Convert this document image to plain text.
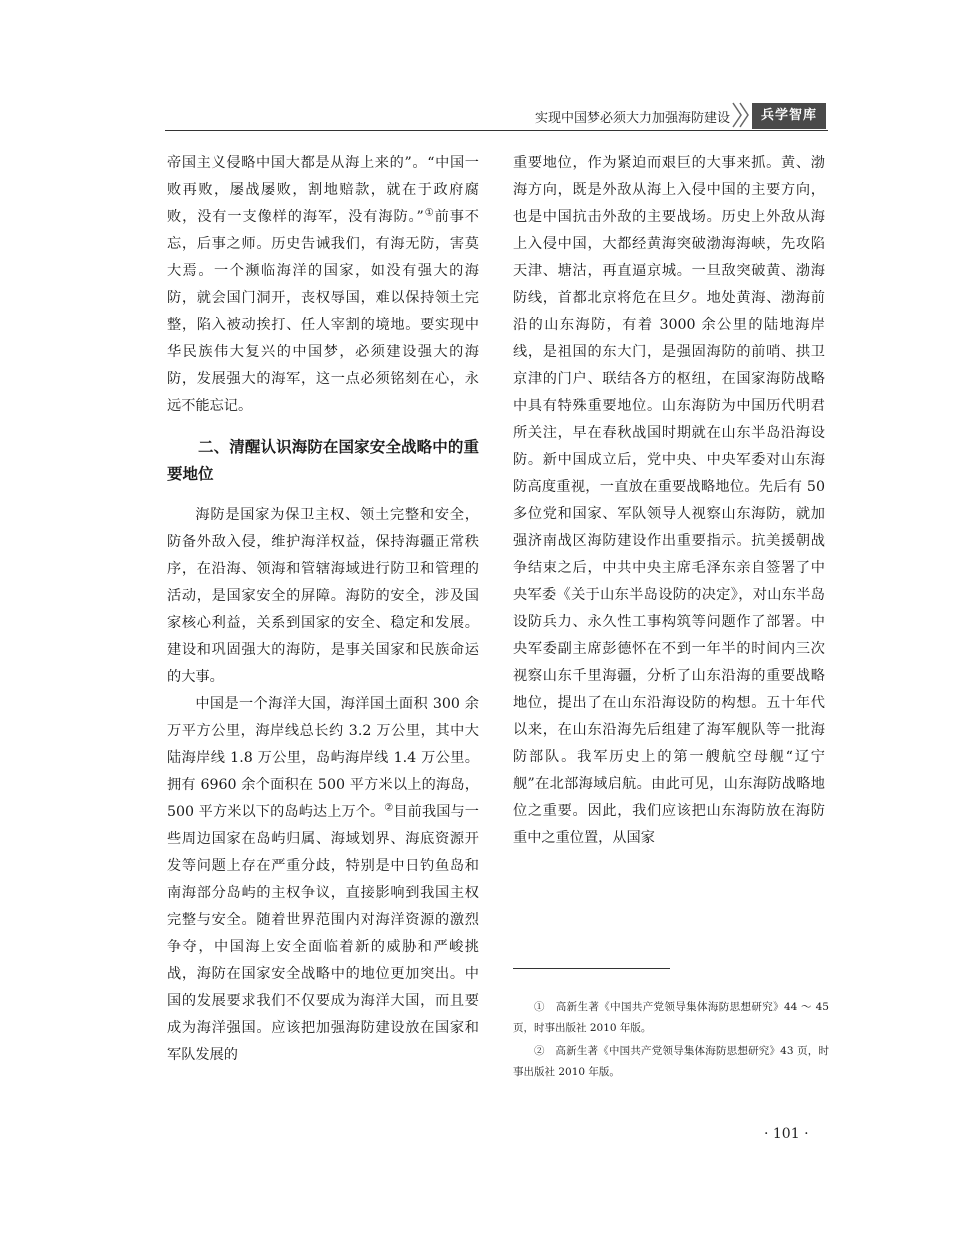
实现中国梦必须大力加强海防建设	兵学智库

帝国主义侵略中国大都是从海上来的”。“中国一败再败，屡战屡败，割地赔款，就在于政府腐败，没有一支像样的海军，没有海防。”①前事不忘，后事之师。历史告诫我们，有海无防，害莫大焉。一个濒临海洋的国家，如没有强大的海防，就会国门洞开，丧权辱国，难以保持领土完整，陷入被动挨打、任人宰割的境地。要实现中华民族伟大复兴的中国梦，必须建设强大的海防，发展强大的海军，这一点必须铭刻在心，永远不能忘记。

二、清醒认识海防在国家安全战略中的重要地位

海防是国家为保卫主权、领土完整和安全，防备外敌入侵，维护海洋权益，保持海疆正常秩序，在沿海、领海和管辖海域进行防卫和管理的活动，是国家安全的屏障。海防的安全，涉及国家核心利益，关系到国家的安全、稳定和发展。建设和巩固强大的海防，是事关国家和民族命运的大事。

中国是一个海洋大国，海洋国土面积 300 余万平方公里，海岸线总长约 3.2 万公里，其中大陆海岸线 1.8 万公里，岛屿海岸线 1.4 万公里。拥有 6960 余个面积在 500 平方米以上的海岛，500 平方米以下的岛屿达上万个。②目前我国与一些周边国家在岛屿归属、海域划界、海底资源开发等问题上存在严重分歧，特别是中日钓鱼岛和南海部分岛屿的主权争议，直接影响到我国主权完整与安全。随着世界范围内对海洋资源的激烈争夺，中国海上安全面临着新的威胁和严峻挑战，海防在国家安全战略中的地位更加突出。中国的发展要求我们不仅要成为海洋大国，而且要成为海洋强国。应该把加强海防建设放在国家和军队发展的

重要地位，作为紧迫而艰巨的大事来抓。黄、渤海方向，既是外敌从海上入侵中国的主要方向，也是中国抗击外敌的主要战场。历史上外敌从海上入侵中国，大都经黄海突破渤海海峡，先攻陷天津、塘沽，再直逼京城。一旦敌突破黄、渤海防线，首都北京将危在旦夕。地处黄海、渤海前沿的山东海防，有着 3000 余公里的陆地海岸线，是祖国的东大门，是强固海防的前哨、拱卫京津的门户、联结各方的枢纽，在国家海防战略中具有特殊重要地位。山东海防为中国历代明君所关注，早在春秋战国时期就在山东半岛沿海设防。新中国成立后，党中央、中央军委对山东海防高度重视，一直放在重要战略地位。先后有 50 多位党和国家、军队领导人视察山东海防，就加强济南战区海防建设作出重要指示。抗美援朝战争结束之后，中共中央主席毛泽东亲自签署了中央军委《关于山东半岛设防的决定》，对山东半岛设防兵力、永久性工事构筑等问题作了部署。中央军委副主席彭德怀在不到一年半的时间内三次视察山东千里海疆，分析了山东沿海的重要战略地位，提出了在山东沿海设防的构想。五十年代以来，在山东沿海先后组建了海军舰队等一批海防部队。我军历史上的第一艘航空母舰“辽宁舰”在北部海域启航。由此可见，山东海防战略地位之重要。因此，我们应该把山东海防放在海防重中之重位置，从国家

①　高新生著《中国共产党领导集体海防思想研究》44 ～ 45 页，时事出版社 2010 年版。

②　高新生著《中国共产党领导集体海防思想研究》43 页，时事出版社 2010 年版。

· 101 ·
